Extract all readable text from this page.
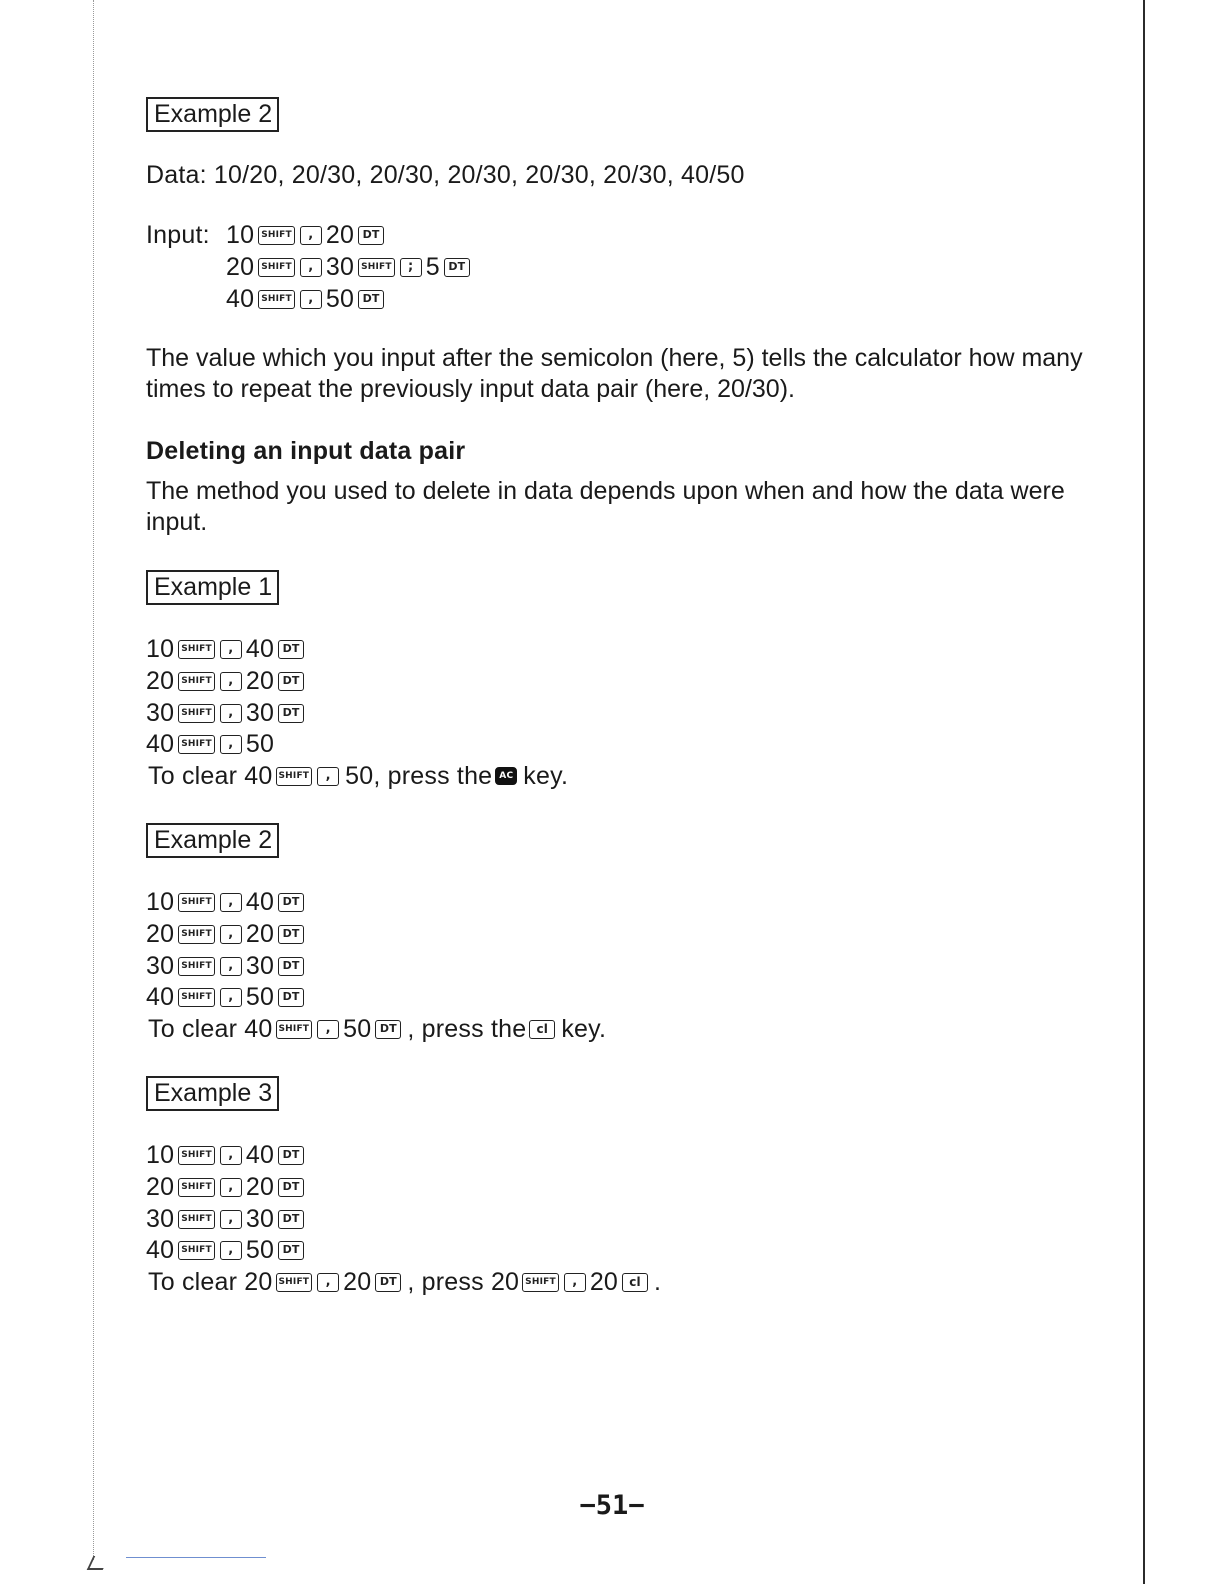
Example 2
Data: 10/20, 20/30, 20/30, 20/30, 20/30, 20/30, 40/50
Input: 10 SHIFT	, 20 DT
20 SHIFT	, 30 SHIFT	; 5 DT
40 SHIFT	, 50 DT
The value which you input after the semicolon (here, 5) tells the calculator how many times to repeat the previously input data pair (here, 20/30).
Deleting an input data pair
The method you used to delete in data depends upon when and how the data were input.
Example 1
10 SHIFT	, 40 DT
20 SHIFT	, 20 DT
30 SHIFT	, 30 DT
40 SHIFT	, 50
To clear 40 SHIFT	, 50, press the AC key.
Example 2
10 SHIFT	, 40 DT
20 SHIFT	, 20 DT
30 SHIFT	, 30 DT
40 SHIFT	, 50 DT
To clear 40 SHIFT	, 50 DT , press the cl key.
Example 3
10 SHIFT	, 40 DT
20 SHIFT	, 20 DT
30 SHIFT	, 30 DT
40 SHIFT	, 50 DT
To clear 20 SHIFT	, 20 DT , press 20 SHIFT	, 20 cl .
−51−
